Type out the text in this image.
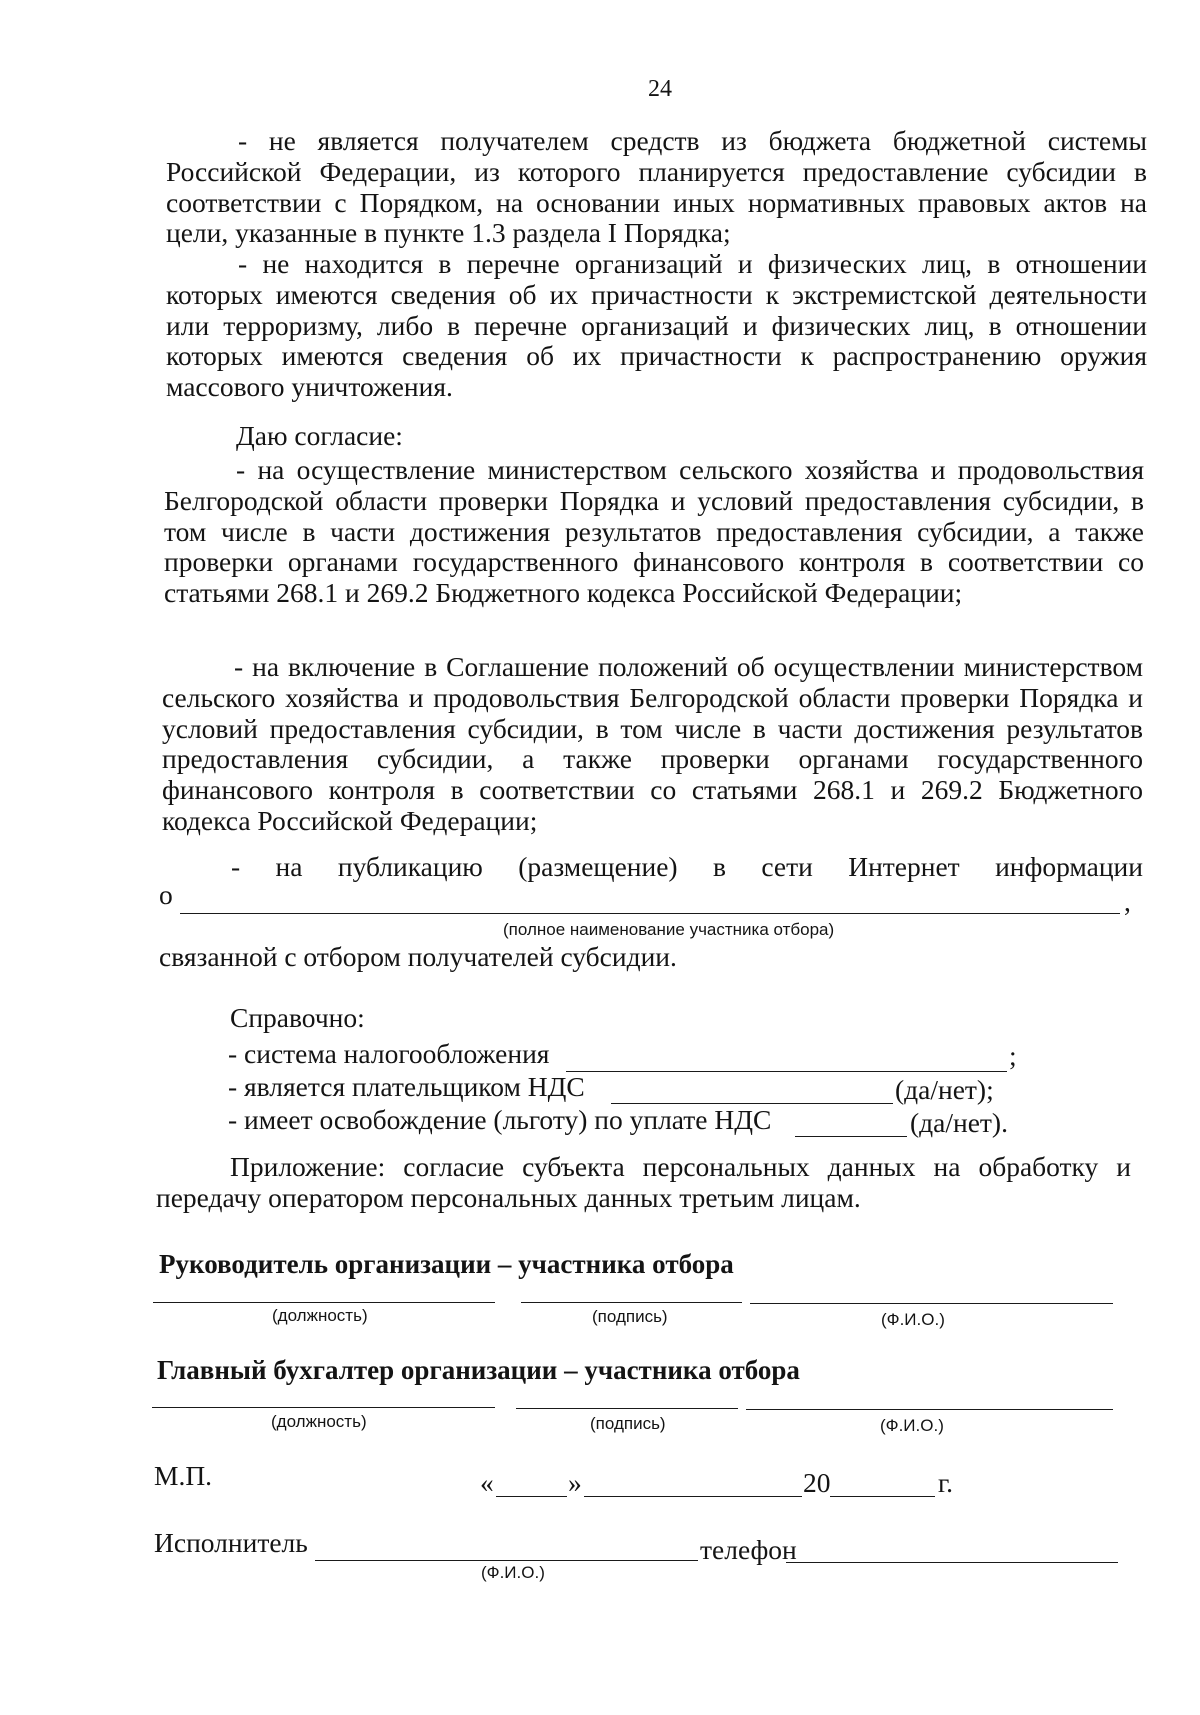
24
- не является получателем средств из бюджета бюджетной системы Российской Федерации, из которого планируется предоставление субсидии в соответствии с Порядком, на основании иных нормативных правовых актов на цели, указанные в пункте 1.3 раздела I Порядка;
- не находится в перечне организаций и физических лиц, в отношении которых имеются сведения об их причастности к экстремистской деятельности или терроризму, либо в перечне организаций и физических лиц, в отношении которых имеются сведения об их причастности к распространению оружия массового уничтожения.
Даю согласие:
- на осуществление министерством сельского хозяйства и продовольствия Белгородской области проверки Порядка и условий предоставления субсидии, в том числе в части достижения результатов предоставления субсидии, а также проверки органами государственного финансового контроля в соответствии со статьями 268.1 и 269.2 Бюджетного кодекса Российской Федерации;
- на включение в Соглашение положений об осуществлении министерством сельского хозяйства и продовольствия Белгородской области проверки Порядка и условий предоставления субсидии, в том числе в части достижения результатов предоставления субсидии, а также проверки органами государственного финансового контроля в соответствии со статьями 268.1 и 269.2 Бюджетного кодекса Российской Федерации;
- на публикацию (размещение) в сети Интернет информации
о	,
(полное наименование участника отбора)
связанной с отбором получателей субсидии.
Справочно:
- система налогообложения	;
- является плательщиком НДС	(да/нет);
- имеет освобождение (льготу) по уплате НДС	(да/нет).
Приложение: согласие субъекта персональных данных на обработку и передачу оператором персональных данных третьим лицам.
Руководитель организации – участника отбора
(должность)	(подпись)	(Ф.И.О.)
Главный бухгалтер организации – участника отбора
(должность)	(подпись)	(Ф.И.О.)
М.П.	«	»	20	г.
Исполнитель	телефон
(Ф.И.О.)
